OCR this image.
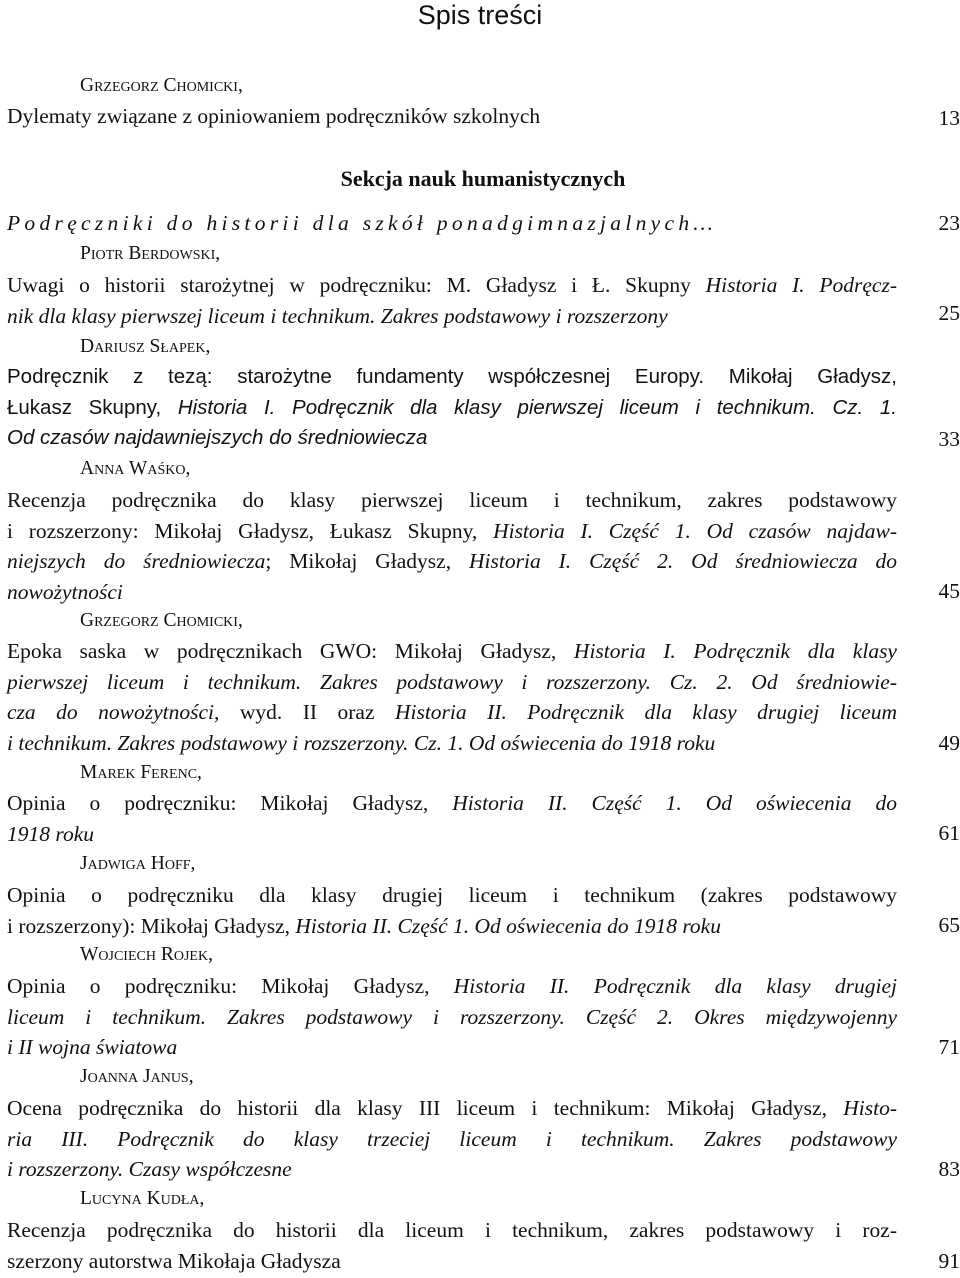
Spis treści
Sekcja nauk humanistycznych
Grzegorz Chomicki,
Dylematy związane z opiniowaniem podręczników szkolnych	13
Podręczniki do historii dla szkół ponadgimnazjalnych…	23
Piotr Berdowski,
Uwagi o historii starożytnej w podręczniku: M. Gładysz i Ł. Skupny Historia I. Podręcz-
nik dla klasy pierwszej liceum i technikum. Zakres podstawowy i rozszerzony	25
Dariusz Słapek,
Podręcznik z tezą: starożytne fundamenty współczesnej Europy. Mikołaj Gładysz,
Łukasz Skupny, Historia I. Podręcznik dla klasy pierwszej liceum i technikum. Cz. 1.
Od czasów najdawniejszych do średniowiecza	33
Anna Waśko,
Recenzja podręcznika do klasy pierwszej liceum i technikum, zakres podstawowy
i rozszerzony: Mikołaj Gładysz, Łukasz Skupny, Historia I. Część 1. Od czasów najdaw-
niejszych do średniowiecza; Mikołaj Gładysz, Historia I. Część 2. Od średniowiecza do
nowożytności	45
Grzegorz Chomicki,
Epoka saska w podręcznikach GWO: Mikołaj Gładysz, Historia I. Podręcznik dla klasy
pierwszej liceum i technikum. Zakres podstawowy i rozszerzony. Cz. 2. Od średniowie-
cza do nowożytności, wyd. II oraz Historia II. Podręcznik dla klasy drugiej liceum
i technikum. Zakres podstawowy i rozszerzony. Cz. 1. Od oświecenia do 1918 roku	49
Marek Ferenc,
Opinia o podręczniku: Mikołaj Gładysz, Historia II. Część 1. Od oświecenia do
1918 roku	61
Jadwiga Hoff,
Opinia o podręczniku dla klasy drugiej liceum i technikum (zakres podstawowy
i rozszerzony): Mikołaj Gładysz, Historia II. Część 1. Od oświecenia do 1918 roku	65
Wojciech Rojek,
Opinia o podręczniku: Mikołaj Gładysz, Historia II. Podręcznik dla klasy drugiej
liceum i technikum. Zakres podstawowy i rozszerzony. Część 2. Okres międzywojenny
i II wojna światowa	71
Joanna Janus,
Ocena podręcznika do historii dla klasy III liceum i technikum: Mikołaj Gładysz, Histo-
ria III. Podręcznik do klasy trzeciej liceum i technikum. Zakres podstawowy
i rozszerzony. Czasy współczesne	83
Lucyna Kudła,
Recenzja podręcznika do historii dla liceum i technikum, zakres podstawowy i roz-
szerzony autorstwa Mikołaja Gładysza	91
